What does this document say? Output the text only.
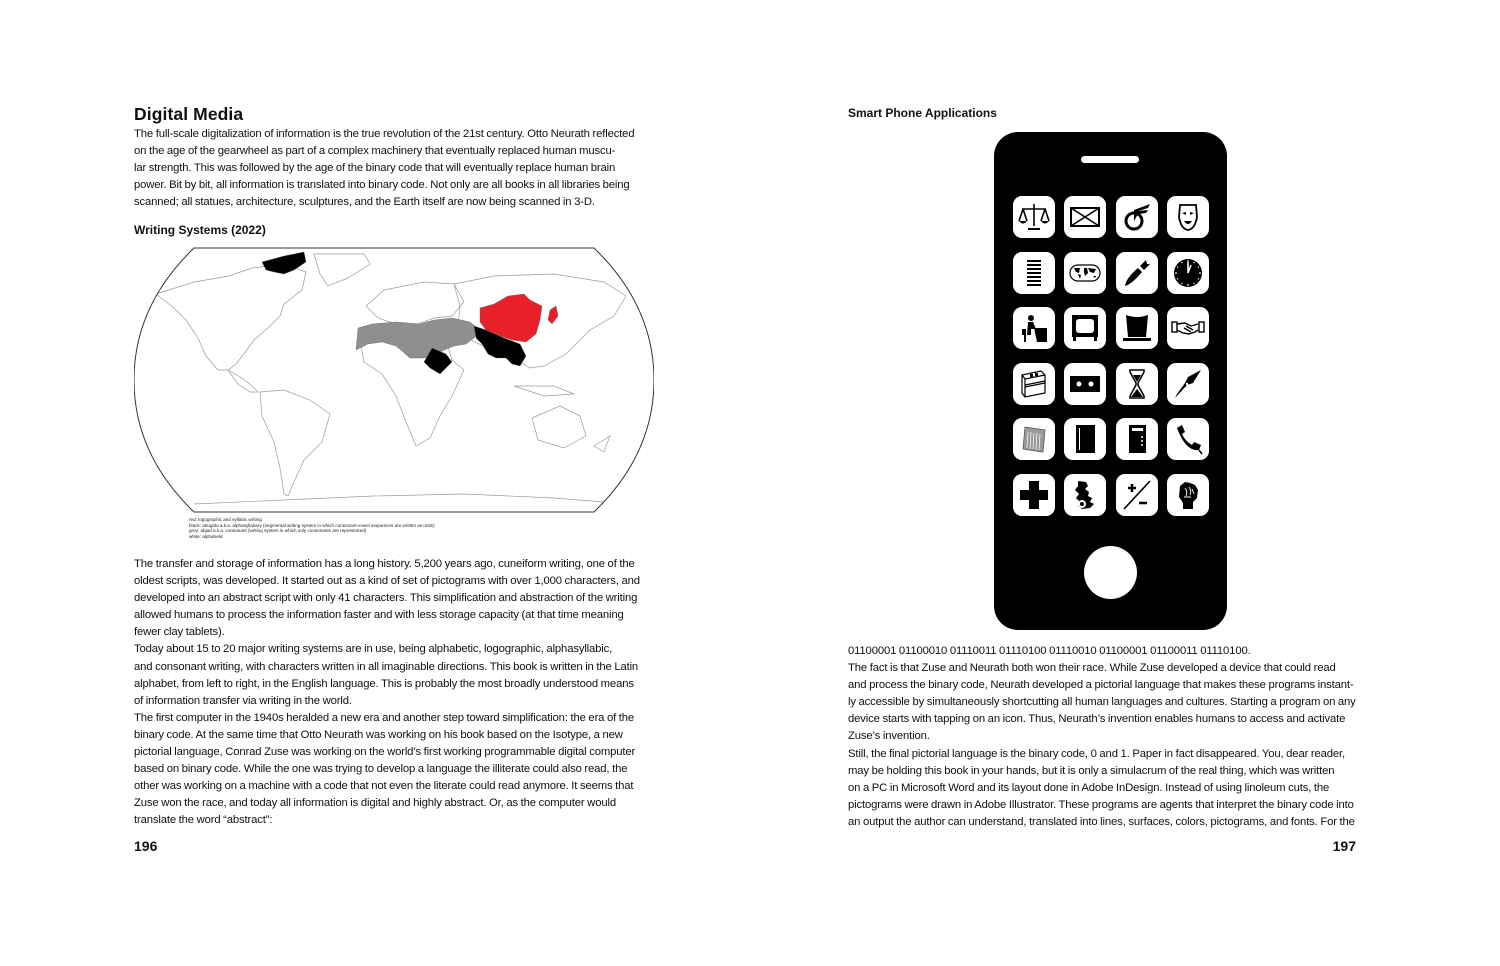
Digital Media

The full-scale digitalization of information is the true revolution of the 21st century. Otto Neurath reflected

on the age of the gearwheel as part of a complex machinery that eventually replaced human muscu-

lar strength. This was followed by the age of the binary code that will eventually replace human brain

power. Bit by bit, all information is translated into binary code. Not only are all books in all libraries being

scanned; all statues, architecture, sculptures, and the Earth itself are now being scanned in 3-D.

Writing Systems (2022)
red: logographic and syllabic writing
black: abugida a.k.a. alphasyllabary (segmental writing system in which consonant-vowel sequences are written as units)
grey: abjad a.k.a. consonant (writing system in which only consonants are represented)
white: alphabetic

The transfer and storage of information has a long history. 5,200 years ago, cuneiform writing, one of the

oldest scripts, was developed. It started out as a kind of set of pictograms with over 1,000 characters, and

developed into an abstract script with only 41 characters. This simplification and abstraction of the writing

allowed humans to process the information faster and with less storage capacity (at that time meaning

fewer clay tablets).

Today about 15 to 20 major writing systems are in use, being alphabetic, logographic, alphasyllabic,

and consonant writing, with characters written in all imaginable directions. This book is written in the Latin

alphabet, from left to right, in the English language. This is probably the most broadly understood means

of information transfer via writing in the world.

The first computer in the 1940s heralded a new era and another step toward simplification: the era of the

binary code. At the same time that Otto Neurath was working on his book based on the Isotype, a new

pictorial language, Conrad Zuse was working on the world’s first working programmable digital computer

based on binary code. While the one was trying to develop a language the illiterate could also read, the

other was working on a machine with a code that not even the literate could read anymore. It seems that

Zuse won the race, and today all information is digital and highly abstract. Or, as the computer would

translate the word “abstract”:

196
Smart Phone Applications

01100001 01100010 01110011 01110100 01110010 01100001 01100011 01110100.

The fact is that Zuse and Neurath both won their race. While Zuse developed a device that could read

and process the binary code, Neurath developed a pictorial language that makes these programs instant-

ly accessible by simultaneously shortcutting all human languages and cultures. Starting a program on any

device starts with tapping on an icon. Thus, Neurath’s invention enables humans to access and activate

Zuse’s invention.

Still, the final pictorial language is the binary code, 0 and 1. Paper in fact disappeared. You, dear reader,

may be holding this book in your hands, but it is only a simulacrum of the real thing, which was written

on a PC in Microsoft Word and its layout done in Adobe InDesign. Instead of using linoleum cuts, the

pictograms were drawn in Adobe Illustrator. These programs are agents that interpret the binary code into

an output the author can understand, translated into lines, surfaces, colors, pictograms, and fonts. For the

197
